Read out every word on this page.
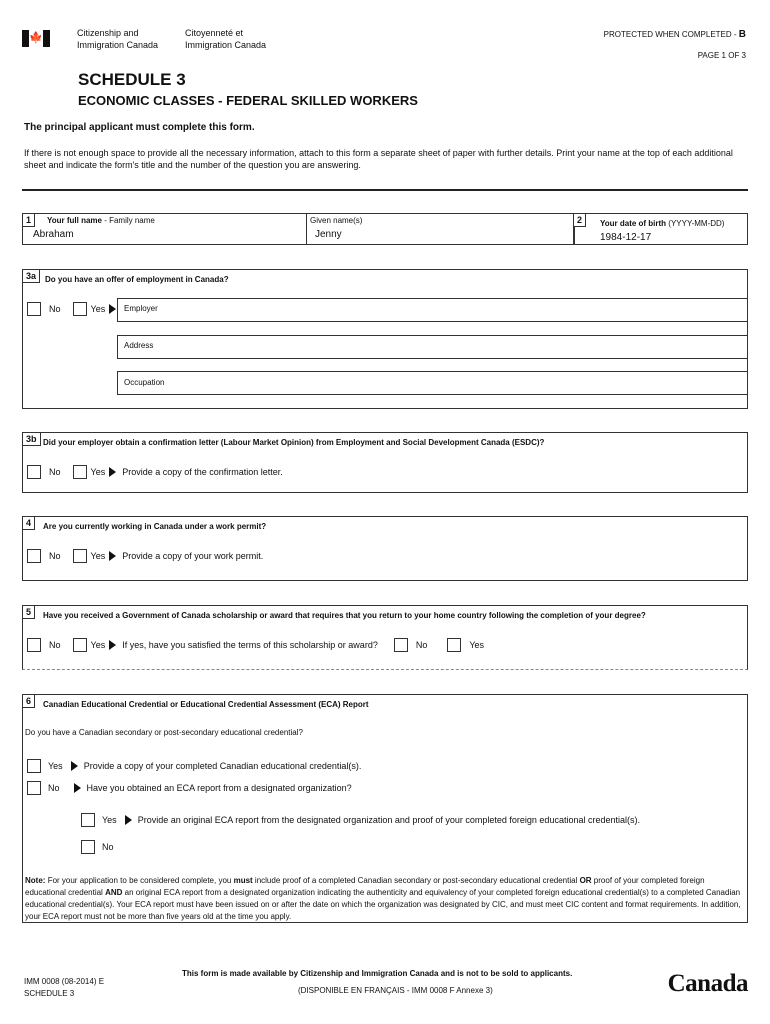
🍁	Citizenship and
Immigration Canada
Citoyenneté et
Immigration Canada
PROTECTED WHEN COMPLETED - B
PAGE 1 OF 3
SCHEDULE 3
ECONOMIC CLASSES - FEDERAL SKILLED WORKERS
The principal applicant must complete this form.
If there is not enough space to provide all the necessary information, attach to this form a separate sheet of paper with further details. Print your name at the top of each additional sheet and indicate the form's title and the number of the question you are answering.
1	Your full name - Family name
Abraham
Given name(s)
Jenny
2	Your date of birth (YYYY-MM-DD)
1984-12-17
3a	Do you have an offer of employment in Canada?
No	Yes Employer
Address
Occupation
3b Did your employer obtain a confirmation letter (Labour Market Opinion) from Employment and Social Development Canada (ESDC)?
No	Yes Provide a copy of the confirmation letter.
4	Are you currently working in Canada under a work permit?
No	Yes Provide a copy of your work permit.
5	Have you received a Government of Canada scholarship or award that requires that you return to your home country following the completion of your degree?
No	Yes If yes, have you satisfied the terms of this scholarship or award?	No	Yes
6	Canadian Educational Credential or Educational Credential Assessment (ECA) Report
Do you have a Canadian secondary or post-secondary educational credential?
Yes Provide a copy of your completed Canadian educational credential(s).
No	Have you obtained an ECA report from a designated organization?
Yes Provide an original ECA report from the designated organization and proof of your completed foreign educational credential(s).
No
Note: For your application to be considered complete, you must include proof of a completed Canadian secondary or post-secondary educational credential OR proof of your completed foreign educational credential AND an original ECA report from a designated organization indicating the authenticity and equivalency of your completed foreign educational credential(s) to a completed Canadian educational credential(s). Your ECA report must have been issued on or after the date on which the organization was designated by CIC, and must meet CIC content and format requirements. In addition, your ECA report must not be more than five years old at the time you apply.
IMM 0008 (08-2014) E
SCHEDULE 3
This form is made available by Citizenship and Immigration Canada and is not to be sold to applicants.
(DISPONIBLE EN FRANÇAIS - IMM 0008 F Annexe 3)	Canada
